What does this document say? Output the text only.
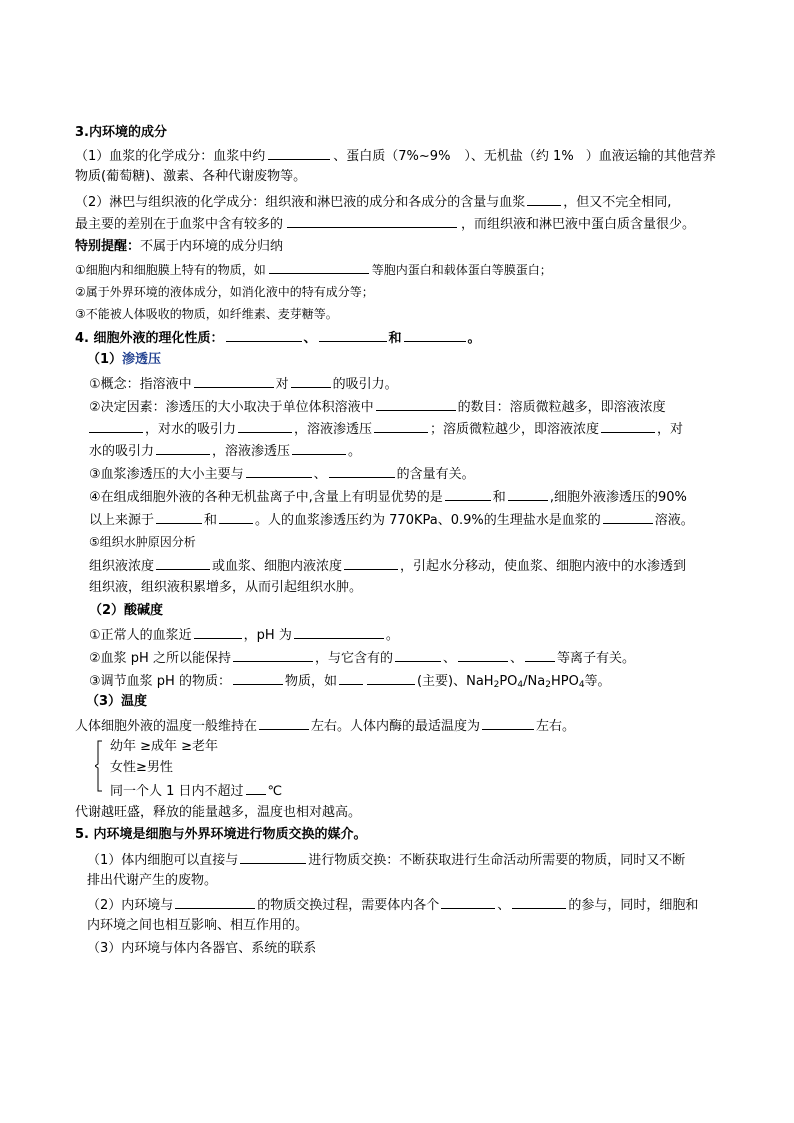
3.内环境的成分
（1）血浆的化学成分：血浆中约	、蛋白质（7%~9% ）、无机盐（约 1% ）血液运输的其他营养
物质(葡萄糖)、激素、各种代谢废物等。
（2）淋巴与组织液的化学成分：组织液和淋巴液的成分和各成分的含量与血浆	，但又不完全相同,
最主要的差别在于血浆中含有较多的	，而组织液和淋巴液中蛋白质含量很少。
特别提醒：不属于内环境的成分归纳
①细胞内和细胞膜上特有的物质，如	等胞内蛋白和载体蛋白等膜蛋白；
②属于外界环境的液体成分，如消化液中的特有成分等；
③不能被人体吸收的物质，如纤维素、麦芽糖等。
4. 细胞外液的理化性质：	、	和	。
（1）渗透压
①概念：指溶液中	对	的吸引力。
②决定因素：渗透压的大小取决于单位体积溶液中	的数目：溶质微粒越多，即溶液浓度
，对水的吸引力	，溶液渗透压	；溶质微粒越少，即溶液浓度	，对
水的吸引力	，溶液渗透压	。
③血浆渗透压的大小主要与	、	的含量有关。
④在组成细胞外液的各种无机盐离子中,含量上有明显优势的是	和	,细胞外液渗透压的90%
以上来源于	和	。人的血浆渗透压约为 770KPa、0.9%的生理盐水是血浆的	溶液。
⑤组织水肿原因分析
组织液浓度	或血浆、细胞内液浓度	，引起水分移动，使血浆、细胞内液中的水渗透到
组织液，组织液积累增多，从而引起组织水肿。
（2）酸碱度
①正常人的血浆近	，pH 为	。
②血浆 pH 之所以能保持	，与它含有的	、	、	等离子有关。
③调节血浆 pH 的物质：	物质，如	(主要)、$NaH_2PO_4/Na_2HPO_4$等。
（3）温度
人体细胞外液的温度一般维持在	左右。人体内酶的最适温度为	左右。
幼年 ≥成年 ≥老年
女性≥男性
同一个人 1 日内不超过 ℃
代谢越旺盛，释放的能量越多，温度也相对越高。
5. 内环境是细胞与外界环境进行物质交换的媒介。
（1）体内细胞可以直接与	进行物质交换：不断获取进行生命活动所需要的物质，同时又不断
排出代谢产生的废物。
（2）内环境与	的物质交换过程，需要体内各个	、	的参与，同时，细胞和
内环境之间也相互影响、相互作用的。
（3）内环境与体内各器官、系统的联系
